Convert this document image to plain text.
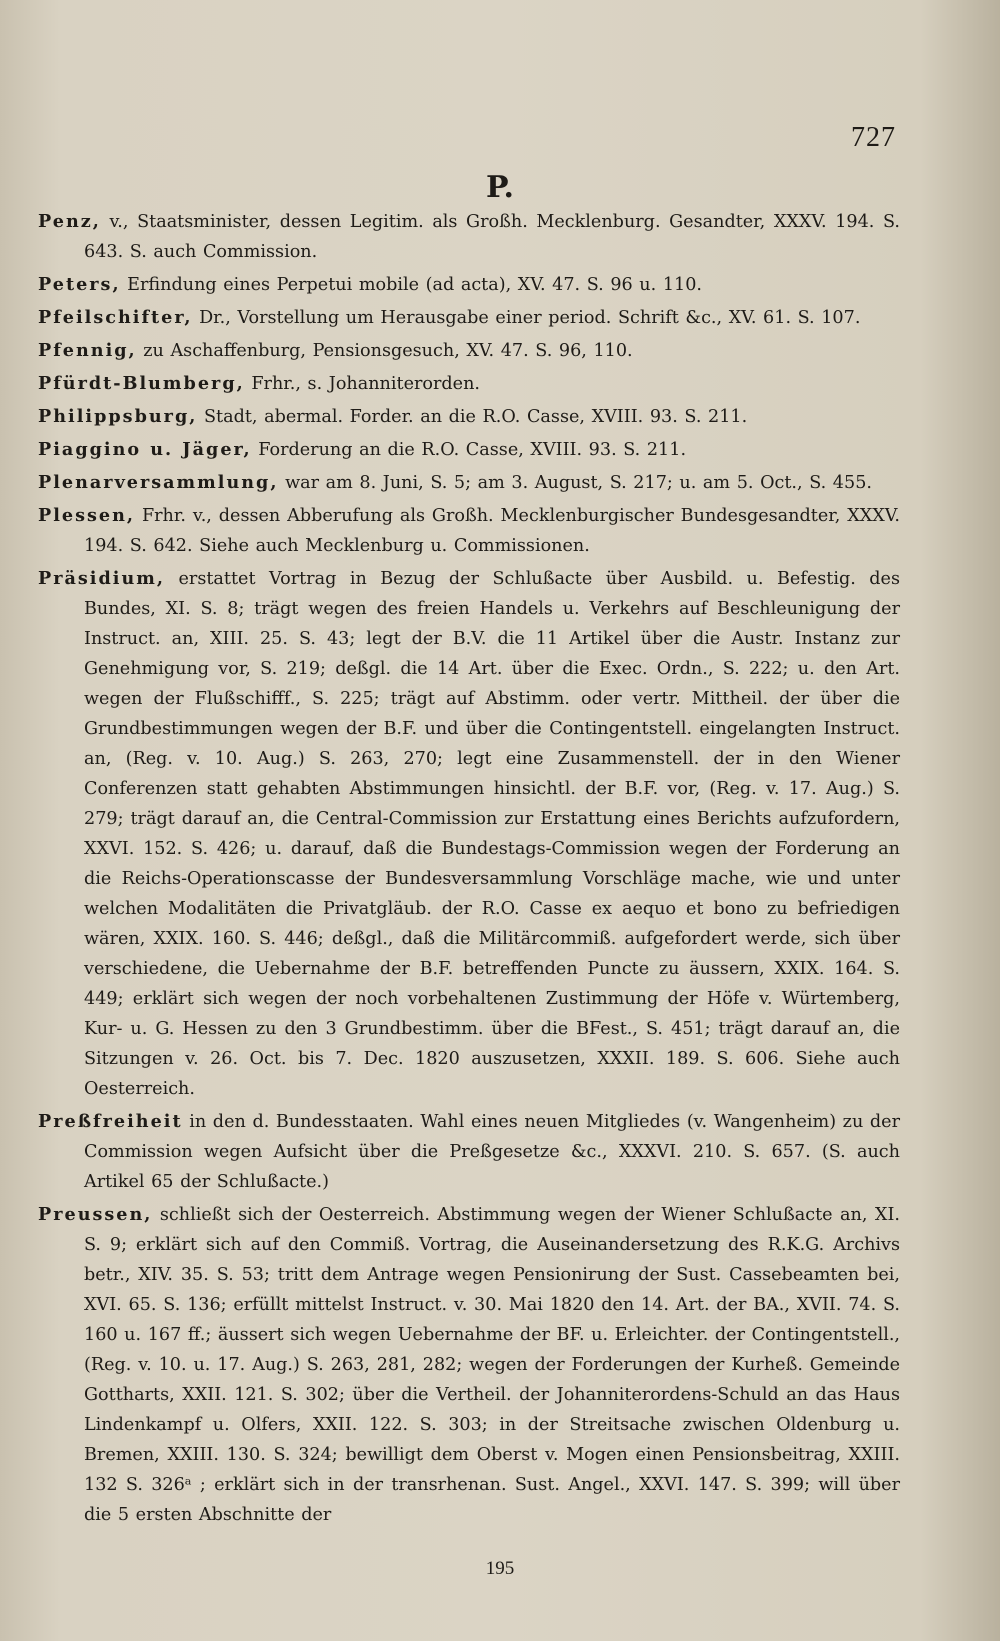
727
P.

Penz, v., Staatsminister, dessen Legitim. als Großh. Mecklenburg. Gesandter, XXXV. 194. S. 643. S. auch Commission.

Peters, Erfindung eines Perpetui mobile (ad acta), XV. 47. S. 96 u. 110.

Pfeilschifter, Dr., Vorstellung um Herausgabe einer period. Schrift &c., XV. 61. S. 107.

Pfennig, zu Aschaffenburg, Pensionsgesuch, XV. 47. S. 96, 110.

Pfürdt-Blumberg, Frhr., s. Johanniterorden.

Philippsburg, Stadt, abermal. Forder. an die R.O. Casse, XVIII. 93. S. 211.

Piaggino u. Jäger, Forderung an die R.O. Casse, XVIII. 93. S. 211.

Plenarversammlung, war am 8. Juni, S. 5; am 3. August, S. 217; u. am 5. Oct., S. 455.

Plessen, Frhr. v., dessen Abberufung als Großh. Mecklenburgischer Bundesgesandter, XXXV. 194. S. 642. Siehe auch Mecklenburg u. Commissionen.

Präsidium, erstattet Vortrag in Bezug der Schlußacte über Ausbild. u. Befestig. des Bundes, XI. S. 8; trägt wegen des freien Handels u. Verkehrs auf Beschleunigung der Instruct. an, XIII. 25. S. 43; legt der B.V. die 11 Artikel über die Austr. Instanz zur Genehmigung vor, S. 219; deßgl. die 14 Art. über die Exec. Ordn., S. 222; u. den Art. wegen der Flußschifff., S. 225; trägt auf Abstimm. oder vertr. Mittheil. der über die Grundbestimmungen wegen der B.F. und über die Contingentstell. eingelangten Instruct. an, (Reg. v. 10. Aug.) S. 263, 270; legt eine Zusammenstell. der in den Wiener Conferenzen statt gehabten Abstimmungen hinsichtl. der B.F. vor, (Reg. v. 17. Aug.) S. 279; trägt darauf an, die Central-Commission zur Erstattung eines Berichts aufzufordern, XXVI. 152. S. 426; u. darauf, daß die Bundestags-Commission wegen der Forderung an die Reichs-Operationscasse der Bundesversammlung Vorschläge mache, wie und unter welchen Modalitäten die Privatgläub. der R.O. Casse ex aequo et bono zu befriedigen wären, XXIX. 160. S. 446; deßgl., daß die Militärcommiß. aufgefordert werde, sich über verschiedene, die Uebernahme der B.F. betreffenden Puncte zu äussern, XXIX. 164. S. 449; erklärt sich wegen der noch vorbehaltenen Zustimmung der Höfe v. Würtemberg, Kur- u. G. Hessen zu den 3 Grundbestimm. über die BFest., S. 451; trägt darauf an, die Sitzungen v. 26. Oct. bis 7. Dec. 1820 auszusetzen, XXXII. 189. S. 606. Siehe auch Oesterreich.

Preßfreiheit in den d. Bundesstaaten. Wahl eines neuen Mitgliedes (v. Wangenheim) zu der Commission wegen Aufsicht über die Preßgesetze &c., XXXVI. 210. S. 657. (S. auch Artikel 65 der Schlußacte.)

Preussen, schließt sich der Oesterreich. Abstimmung wegen der Wiener Schlußacte an, XI. S. 9; erklärt sich auf den Commiß. Vortrag, die Auseinandersetzung des R.K.G. Archivs betr., XIV. 35. S. 53; tritt dem Antrage wegen Pensionirung der Sust. Cassebeamten bei, XVI. 65. S. 136; erfüllt mittelst Instruct. v. 30. Mai 1820 den 14. Art. der BA., XVII. 74. S. 160 u. 167 ff.; äussert sich wegen Uebernahme der BF. u. Erleichter. der Contingentstell., (Reg. v. 10. u. 17. Aug.) S. 263, 281, 282; wegen der Forderungen der Kurheß. Gemeinde Gottharts, XXII. 121. S. 302; über die Vertheil. der Johanniterordens-Schuld an das Haus Lindenkampf u. Olfers, XXII. 122. S. 303; in der Streitsache zwischen Oldenburg u. Bremen, XXIII. 130. S. 324; bewilligt dem Oberst v. Mogen einen Pensionsbeitrag, XXIII. 132 S. 326ᵃ ; erklärt sich in der transrhenan. Sust. Angel., XXVI. 147. S. 399; will über die 5 ersten Abschnitte der

195
